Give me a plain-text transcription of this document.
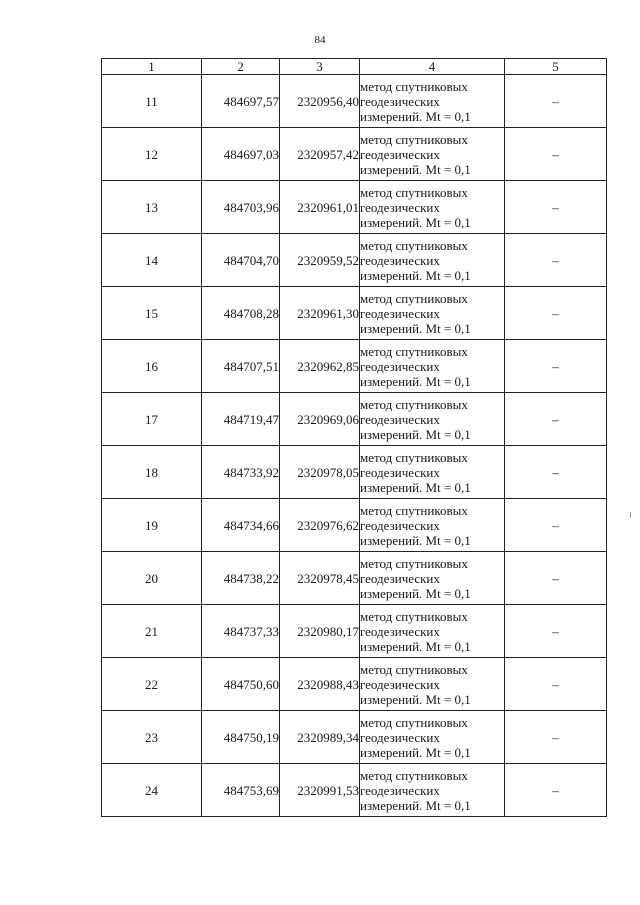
84
1	2	3	4	5
11	484697,57	2320956,40	метод спутниковых
геодезических
измерений. Mt = 0,1	–
12	484697,03	2320957,42	метод спутниковых
геодезических
измерений. Mt = 0,1	–
13	484703,96	2320961,01	метод спутниковых
геодезических
измерений. Mt = 0,1	–
14	484704,70	2320959,52	метод спутниковых
геодезических
измерений. Mt = 0,1	–
15	484708,28	2320961,30	метод спутниковых
геодезических
измерений. Mt = 0,1	–
16	484707,51	2320962,85	метод спутниковых
геодезических
измерений. Mt = 0,1	–
17	484719,47	2320969,06	метод спутниковых
геодезических
измерений. Mt = 0,1	–
18	484733,92	2320978,05	метод спутниковых
геодезических
измерений. Mt = 0,1	–
19	484734,66	2320976,62	метод спутниковых
геодезических
измерений. Mt = 0,1	–
20	484738,22	2320978,45	метод спутниковых
геодезических
измерений. Mt = 0,1	–
21	484737,33	2320980,17	метод спутниковых
геодезических
измерений. Mt = 0,1	–
22	484750,60	2320988,43	метод спутниковых
геодезических
измерений. Mt = 0,1	–
23	484750,19	2320989,34	метод спутниковых
геодезических
измерений. Mt = 0,1	–
24	484753,69	2320991,53	метод спутниковых
геодезических
измерений. Mt = 0,1	–
